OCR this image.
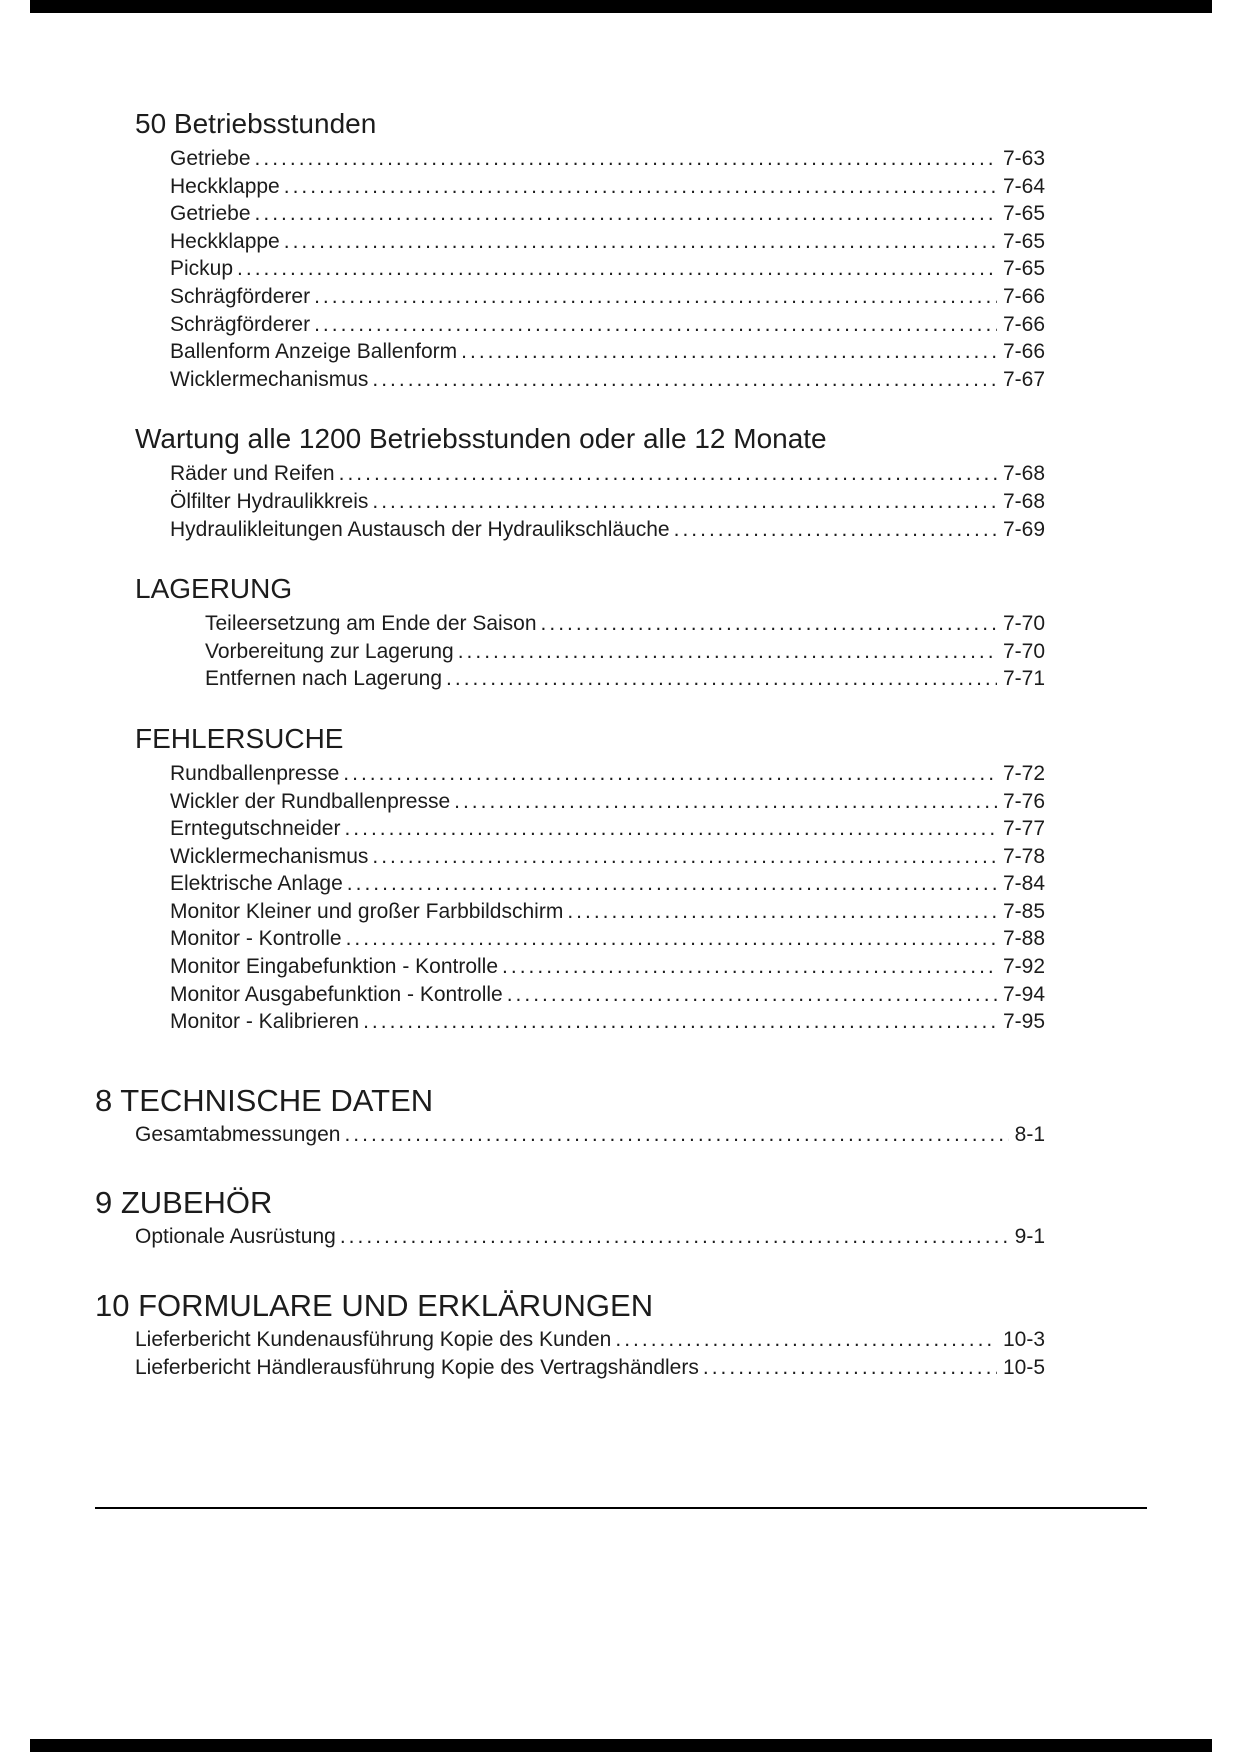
50 Betriebsstunden
Getriebe .....	7-63
Heckklappe .....	7-64
Getriebe .....	7-65
Heckklappe .....	7-65
Pickup .....	7-65
Schrägförderer .....	7-66
Schrägförderer .....	7-66
Ballenform Anzeige Ballenform .....	7-66
Wicklermechanismus .....	7-67
Wartung alle 1200 Betriebsstunden oder alle 12 Monate
Räder und Reifen .....	7-68
Ölfilter Hydraulikkreis .....	7-68
Hydraulikleitungen Austausch der Hydraulikschläuche .....	7-69
LAGERUNG
Teileersetzung am Ende der Saison .....	7-70
Vorbereitung zur Lagerung .....	7-70
Entfernen nach Lagerung .....	7-71
FEHLERSUCHE
Rundballenpresse .....	7-72
Wickler der Rundballenpresse .....	7-76
Erntegutschneider .....	7-77
Wicklermechanismus .....	7-78
Elektrische Anlage .....	7-84
Monitor Kleiner und großer Farbbildschirm .....	7-85
Monitor - Kontrolle .....	7-88
Monitor Eingabefunktion - Kontrolle .....	7-92
Monitor Ausgabefunktion - Kontrolle .....	7-94
Monitor - Kalibrieren .....	7-95
8 TECHNISCHE DATEN
Gesamtabmessungen .....	8-1
9 ZUBEHÖR
Optionale Ausrüstung .....	9-1
10 FORMULARE UND ERKLÄRUNGEN
Lieferbericht Kundenausführung Kopie des Kunden .....	10-3
Lieferbericht Händlerausführung Kopie des Vertragshändlers .....	10-5
